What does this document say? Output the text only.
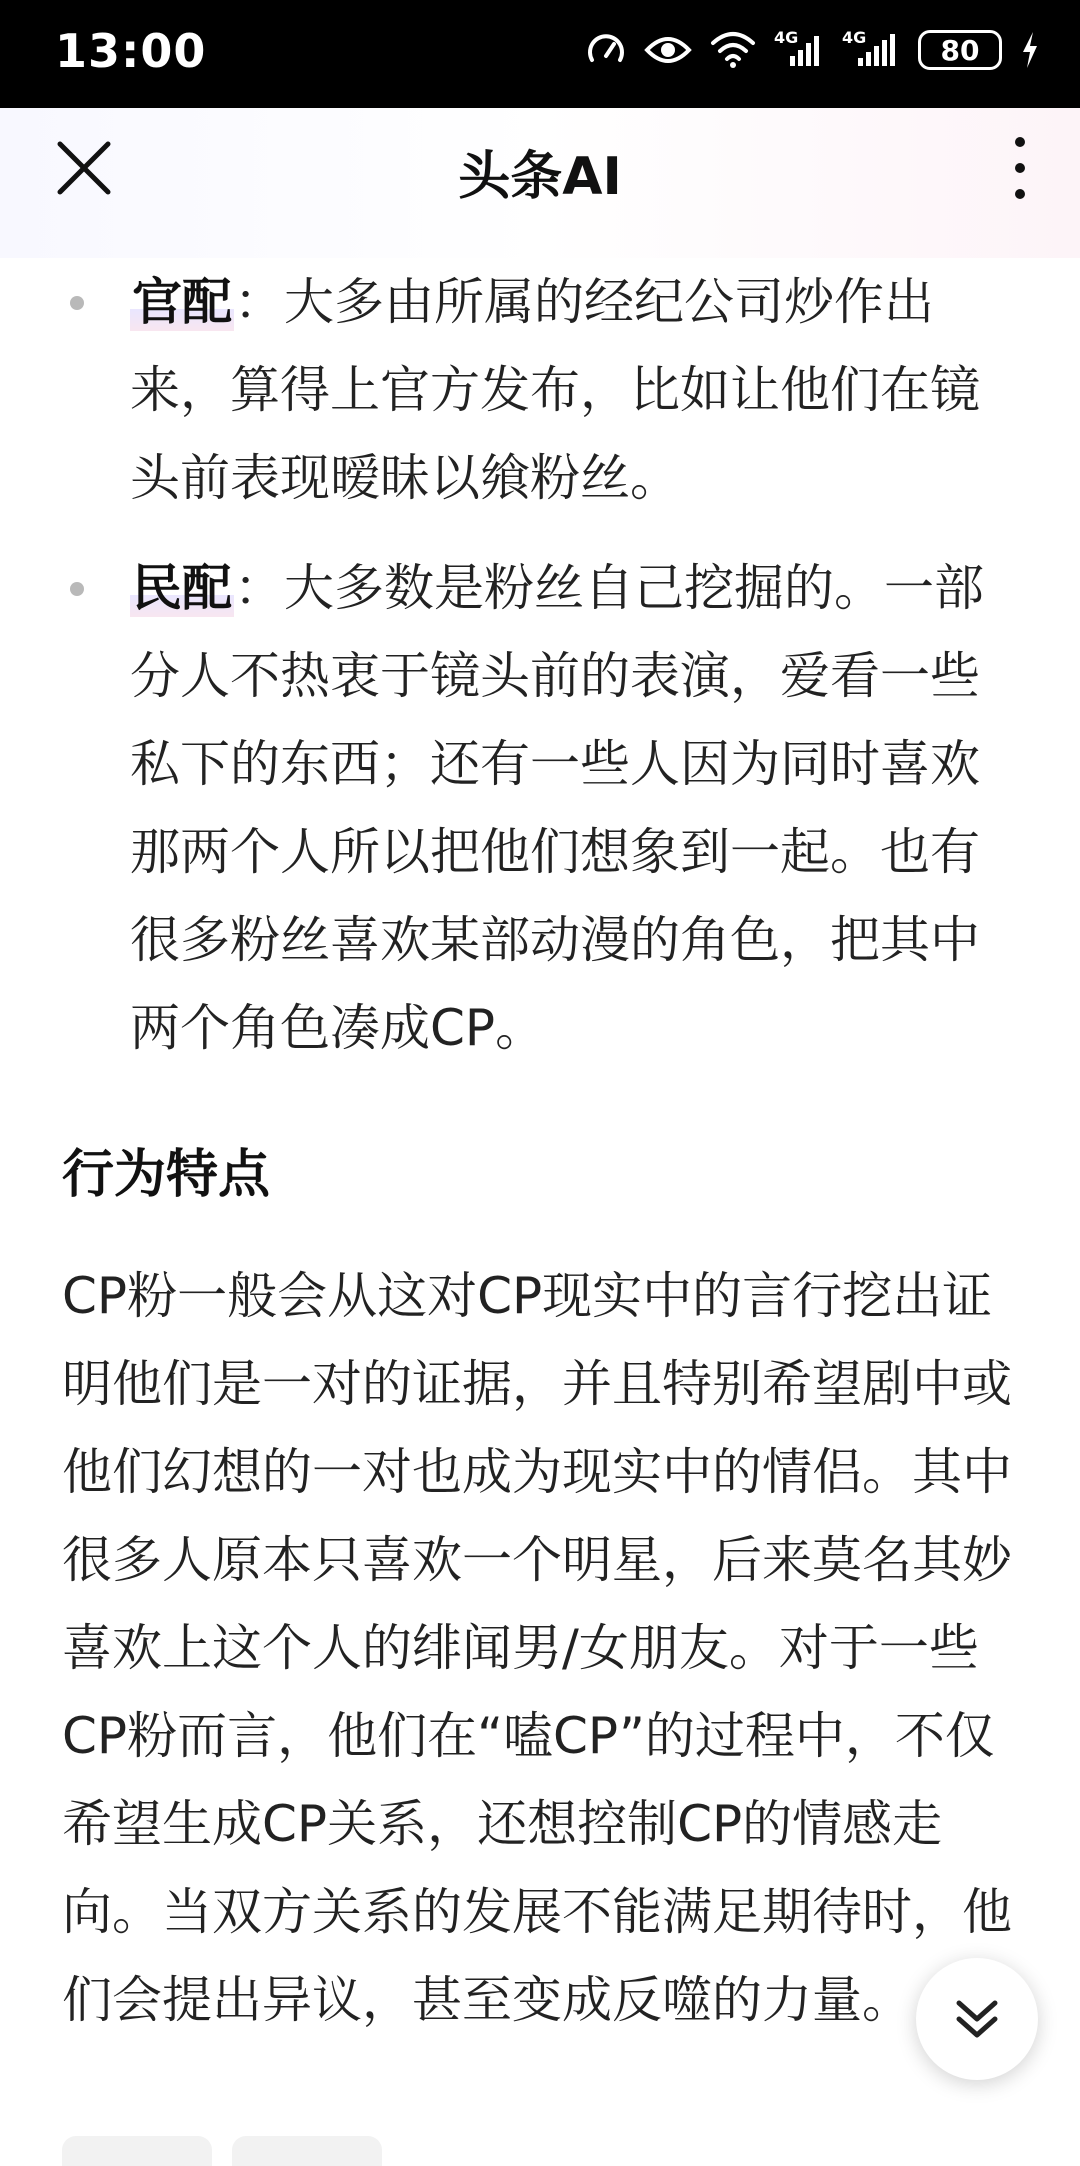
13:00	4G	4G	80
头条AI
官配：大多由所属的经纪公司炒作出来，算得上官方发布，比如让他们在镜头前表现暧昧以飨粉丝。
民配：大多数是粉丝自己挖掘的。一部分人不热衷于镜头前的表演，爱看一些私下的东西；还有一些人因为同时喜欢那两个人所以把他们想象到一起。也有很多粉丝喜欢某部动漫的角色，把其中两个角色凑成CP。
行为特点
CP粉一般会从这对CP现实中的言行挖出证明他们是一对的证据，并且特别希望剧中或他们幻想的一对也成为现实中的情侣。其中很多人原本只喜欢一个明星，后来莫名其妙喜欢上这个人的绯闻男/女朋友。对于一些CP粉而言，他们在“嗑CP”的过程中，不仅希望生成CP关系，还想控制CP的情感走向。当双方关系的发展不能满足期待时，他们会提出异议，甚至变成反噬的力量。
